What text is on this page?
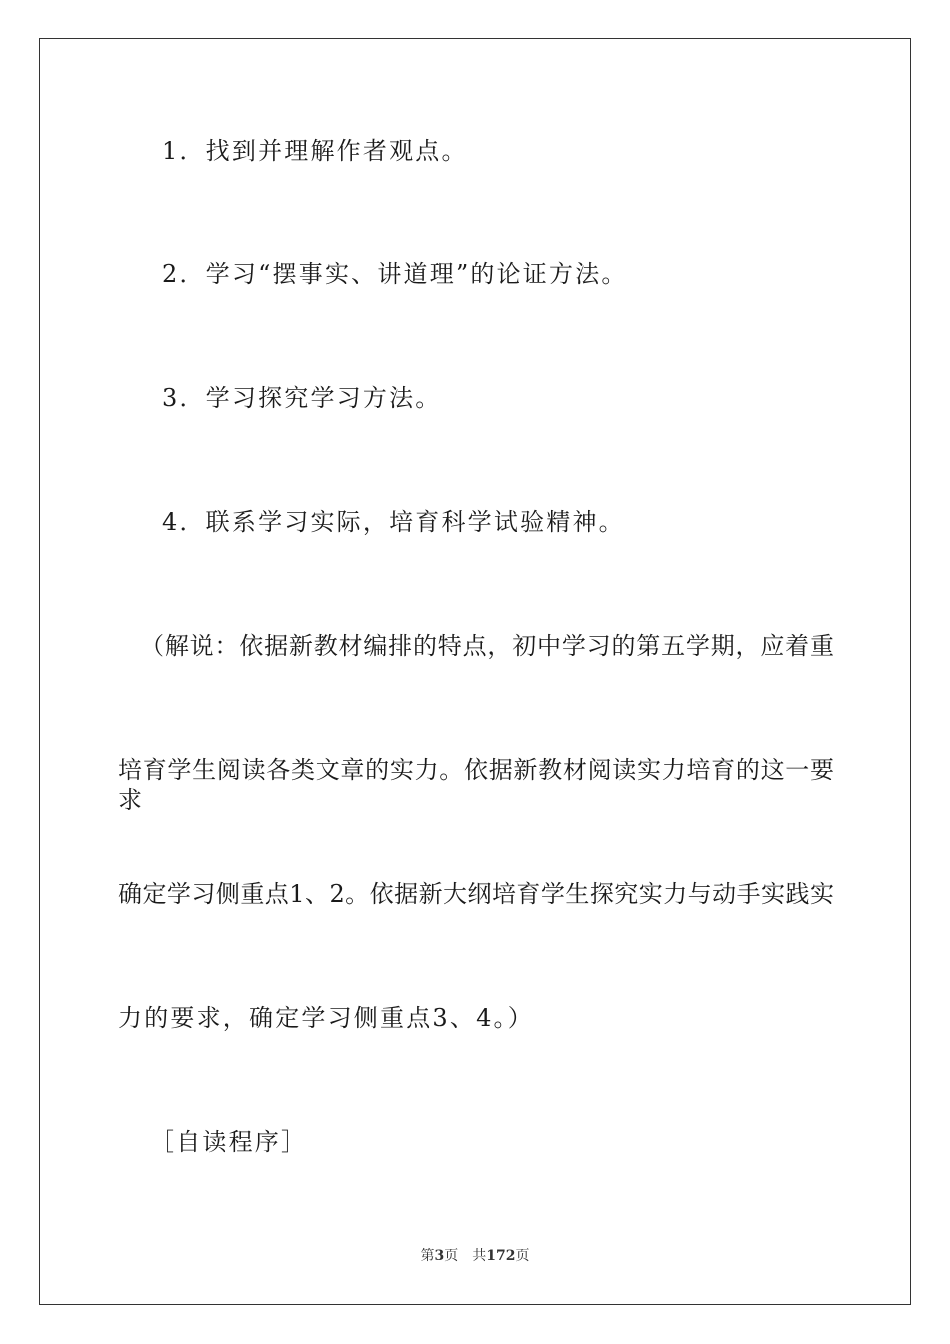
1．找到并理解作者观点。
2．学习“摆事实、讲道理”的论证方法。
3．学习探究学习方法。
4．联系学习实际，培育科学试验精神。
（解说：依据新教材编排的特点，初中学习的第五学期，应着重
培育学生阅读各类文章的实力。依据新教材阅读实力培育的这一要求
确定学习侧重点1、2。依据新大纲培育学生探究实力与动手实践实
力的要求，确定学习侧重点3、4。）
［自读程序］
第3页 共172页
